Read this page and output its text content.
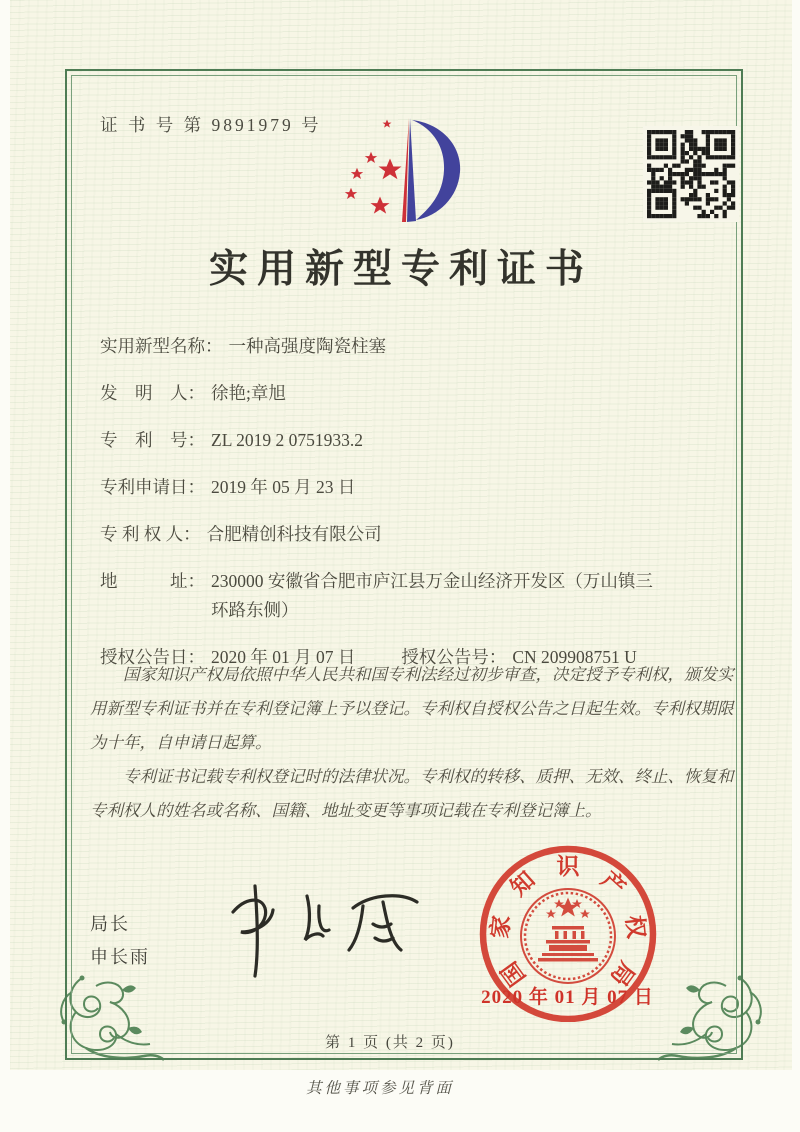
证 书 号 第 9891979 号
实用新型专利证书
实用新型名称： 一种高强度陶瓷柱塞
发　明　人： 徐艳;章旭
专　利　号： ZL 2019 2 0751933.2
专利申请日： 2019 年 05 月 23 日
专 利 权 人： 合肥精创科技有限公司
地　　　址： 230000 安徽省合肥市庐江县万金山经济开发区（万山镇三环路东侧）
授权公告日： 2020 年 01 月 07 日	授权公告号： CN 209908751 U

国家知识产权局依照中华人民共和国专利法经过初步审查，决定授予专利权，颁发实用新型专利证书并在专利登记簿上予以登记。专利权自授权公告之日起生效。专利权期限为十年，自申请日起算。

专利证书记载专利权登记时的法律状况。专利权的转移、质押、无效、终止、恢复和专利权人的姓名或名称、国籍、地址变更等事项记载在专利登记簿上。

局长
申长雨
国
家
知
识
产
权
局
2020 年 01 月 07 日
第 1 页 (共 2 页)
其他事项参见背面
